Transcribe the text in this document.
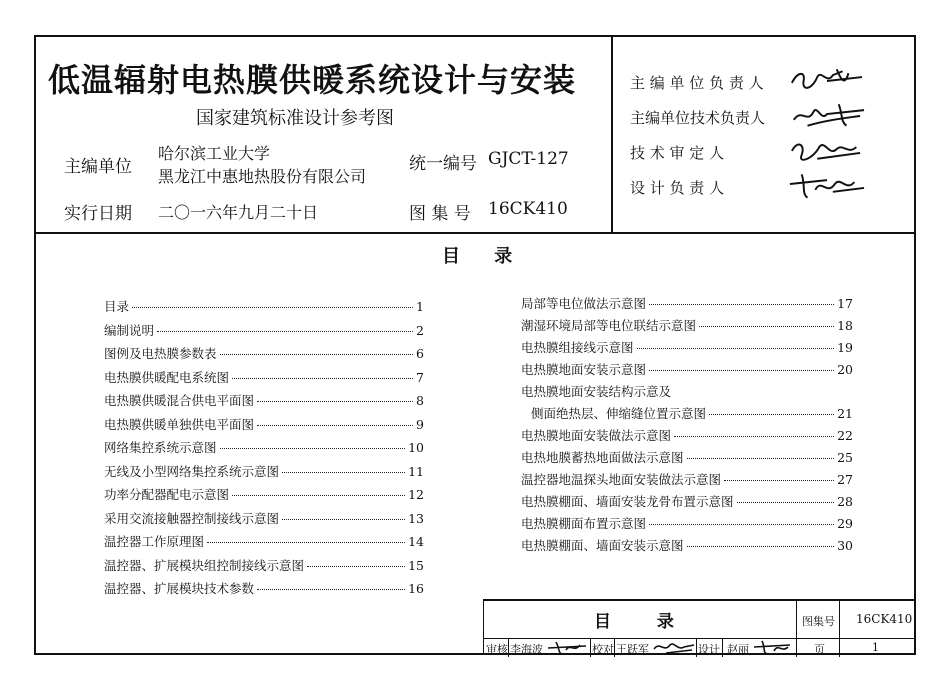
低温辐射电热膜供暖系统设计与安装
国家建筑标准设计参考图
主编单位
哈尔滨工业大学
黑龙江中惠地热股份有限公司
统一编号 GJCT-127
实行日期 二〇一六年九月二十日	图 集 号 16CK410
主 编 单 位 负 责 人
主编单位技术负责人
技 术 审 定 人
设 计 负 责 人
目 录
目录	1
编制说明	2
图例及电热膜参数表	6
电热膜供暖配电系统图	7
电热膜供暖混合供电平面图	8
电热膜供暖单独供电平面图	9
网络集控系统示意图	10
无线及小型网络集控系统示意图	11
功率分配器配电示意图	12
采用交流接触器控制接线示意图	13
温控器工作原理图	14
温控器、扩展模块组控制接线示意图	15
温控器、扩展模块技术参数	16
局部等电位做法示意图	17
潮湿环境局部等电位联结示意图	18
电热膜组接线示意图	19
电热膜地面安装示意图	20
电热膜地面安装结构示意及
侧面绝热层、伸缩缝位置示意图	21
电热膜地面安装做法示意图	22
电热地膜蓄热地面做法示意图	25
温控器地温探头地面安装做法示意图	27
电热膜棚面、墙面安装龙骨布置示意图	28
电热膜棚面布置示意图	29
电热膜棚面、墙面安装示意图	30
目 录	图集号 16CK410
审核 李海波	校对 王跃军	设计 赵丽	页	1
